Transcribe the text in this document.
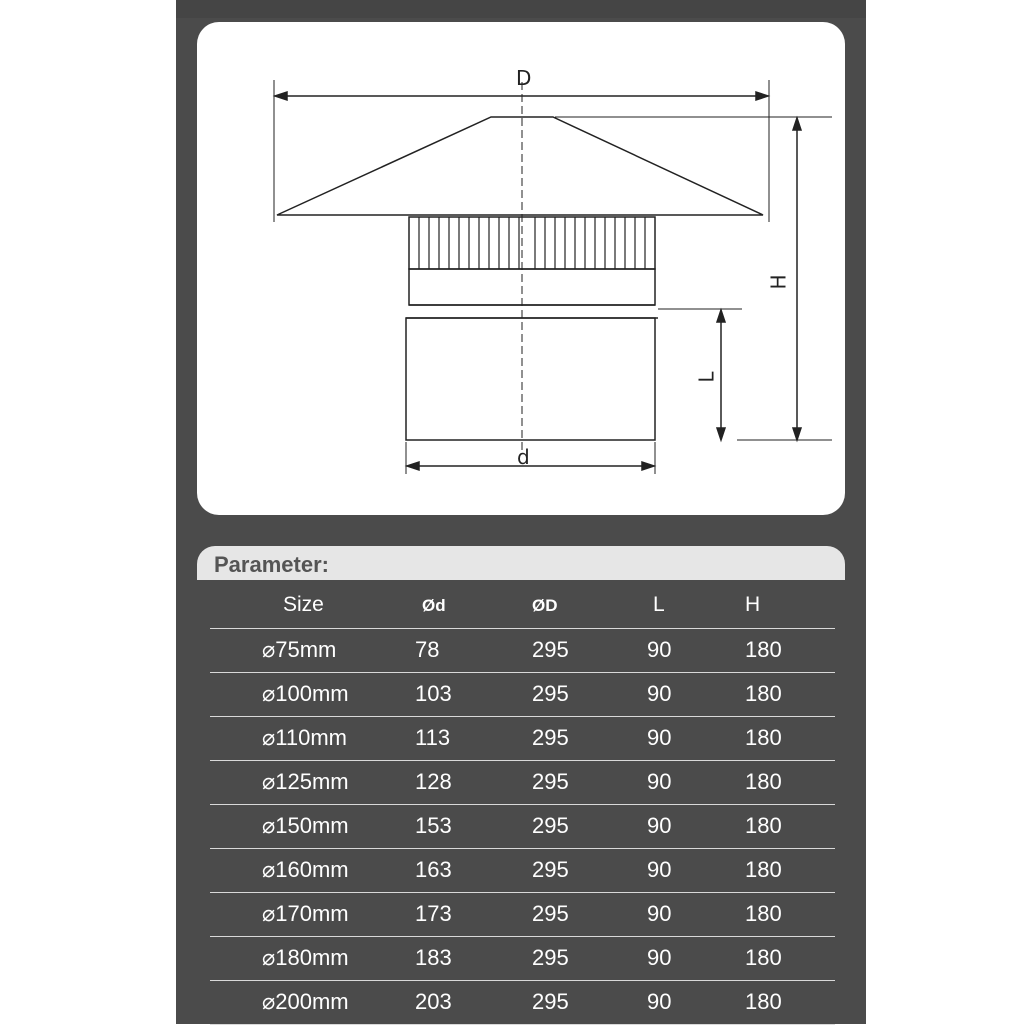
D
H
L
d
Parameter:
Size	Ød	ØD	L	H
⌀75mm	78	295	90	180
⌀100mm	103	295	90	180
⌀110mm	113	295	90	180
⌀125mm	128	295	90	180
⌀150mm	153	295	90	180
⌀160mm	163	295	90	180
⌀170mm	173	295	90	180
⌀180mm	183	295	90	180
⌀200mm	203	295	90	180
